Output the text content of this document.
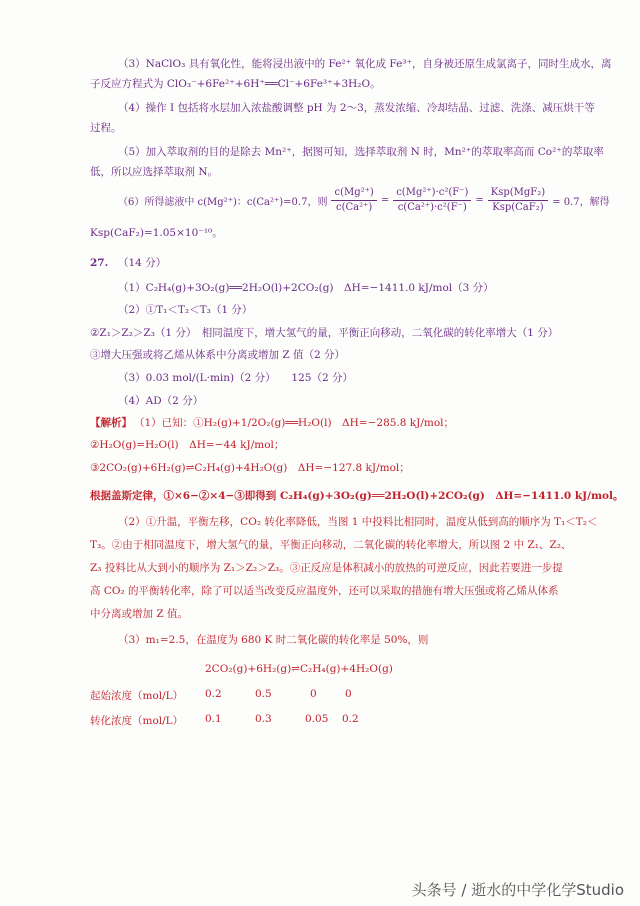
（3）NaClO₃ 具有氧化性，能将浸出液中的 Fe²⁺ 氧化成 Fe³⁺，自身被还原生成氯离子，同时生成水，离
子反应方程式为 ClO₃⁻+6Fe²⁺+6H⁺══Cl⁻+6Fe³⁺+3H₂O。
（4）操作 I 包括将水层加入浓盐酸调整 pH 为 2～3，蒸发浓缩、冷却结晶、过滤、洗涤、减压烘干等
过程。
（5）加入萃取剂的目的是除去 Mn²⁺，据图可知，选择萃取剂 N 时，Mn²⁺的萃取率高而 Co²⁺的萃取率
低，所以应选择萃取剂 N。
（6）所得滤液中 c(Mg²⁺)：c(Ca²⁺)=0.7，则 $\frac{\text{c(Mg²⁺)}}{\text{c(Ca²⁺)}} = \frac{\text{c(Mg²⁺)·c²(F⁻)}}{\text{c(Ca²⁺)·c²(F⁻)}} = \frac{\text{Ksp(MgF₂)}}{\text{Ksp(CaF₂)}} = 0.7$，解得
Ksp(CaF₂)=1.05×10⁻¹⁰。
27. （14 分）
（1）C₂H₄(g)+3O₂(g)══2H₂O(l)+2CO₂(g)　ΔH=−1411.0 kJ/mol（3 分）
（2）①T₁＜T₂＜T₃（1 分）
②Z₁＞Z₂＞Z₃（1 分）　相同温度下，增大氢气的量，平衡正向移动，二氧化碳的转化率增大（1 分）
③增大压强或将乙烯从体系中分离或增加 Z 值（2 分）
（3）0.03 mol/(L·min)（2 分）　　125（2 分）
（4）AD（2 分）
【解析】 （1）已知：①H₂(g)+1/2O₂(g)══H₂O(l)　ΔH=−285.8 kJ/mol；
②H₂O(g)=H₂O(l)　ΔH=−44 kJ/mol；
③2CO₂(g)+6H₂(g)⇌C₂H₄(g)+4H₂O(g)　ΔH=−127.8 kJ/mol；
根据盖斯定律，①×6−②×4−③即得到 C₂H₄(g)+3O₂(g)══2H₂O(l)+2CO₂(g)　ΔH=−1411.0 kJ/mol。
（2）①升温，平衡左移，CO₂ 转化率降低，当图 1 中投料比相同时，温度从低到高的顺序为 T₁＜T₂＜
T₃。②由于相同温度下，增大氢气的量，平衡正向移动，二氧化碳的转化率增大，所以图 2 中 Z₁、Z₂、
Z₃ 投料比从大到小的顺序为 Z₁＞Z₂＞Z₃。③正反应是体积减小的放热的可逆反应，因此若要进一步提
高 CO₂ 的平衡转化率，除了可以适当改变反应温度外，还可以采取的措施有增大压强或将乙烯从体系
中分离或增加 Z 值。
（3）m₁=2.5，在温度为 680 K 时二氧化碳的转化率是 50%，则
2CO₂(g)+6H₂(g)⇌C₂H₄(g)+4H₂O(g)
起始浓度（mol/L） 0.2	0.5	0	0
转化浓度（mol/L） 0.1	0.3	0.05 0.2
头条号 / 逝水的中学化学Studio
